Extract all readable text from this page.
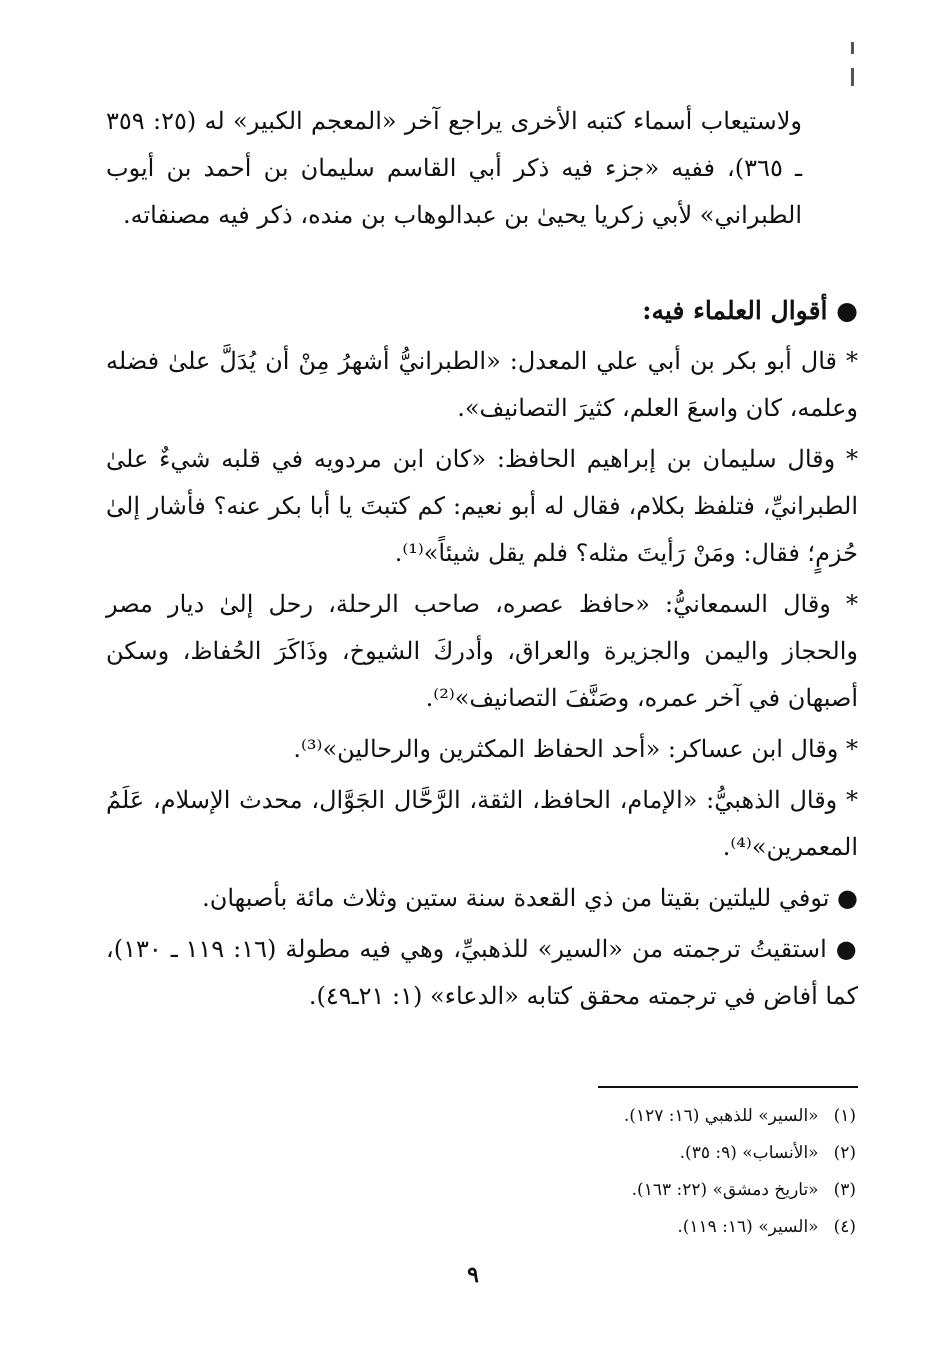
ولاستيعاب أسماء كتبه الأخرى يراجع آخر «المعجم الكبير» له (٢٥: ٣٥٩ ـ ٣٦٥)، ففيه «جزء فيه ذكر أبي القاسم سليمان بن أحمد بن أيوب الطبراني» لأبي زكريا يحيىٰ بن عبدالوهاب بن منده، ذكر فيه مصنفاته.

● أقوال العلماء فيه:

* قال أبو بكر بن أبي علي المعدل: «الطبرانيُّ أشهرُ مِنْ أن يُدَلَّ علىٰ فضله وعلمه، كان واسعَ العلم، كثيرَ التصانيف».

* وقال سليمان بن إبراهيم الحافظ: «كان ابن مردويه في قلبه شيءٌ علىٰ الطبرانيِّ، فتلفظ بكلام، فقال له أبو نعيم: كم كتبتَ يا أبا بكر عنه؟ فأشار إلىٰ حُزمٍ؛ فقال: ومَنْ رَأيتَ مثله؟ فلم يقل شيئاً»⁽¹⁾.

* وقال السمعانيُّ: «حافظ عصره، صاحب الرحلة، رحل إلىٰ ديار مصر والحجاز واليمن والجزيرة والعراق، وأدركَ الشيوخ، وذَاكَرَ الحُفاظ، وسكن أصبهان في آخر عمره، وصَنَّفَ التصانيف»⁽²⁾.

* وقال ابن عساكر: «أحد الحفاظ المكثرين والرحالين»⁽³⁾.

* وقال الذهبيُّ: «الإمام، الحافظ، الثقة، الرَّحَّال الجَوَّال، محدث الإسلام، عَلَمُ المعمرين»⁽⁴⁾.

● توفي لليلتين بقيتا من ذي القعدة سنة ستين وثلاث مائة بأصبهان.

● استقيتُ ترجمته من «السير» للذهبيِّ، وهي فيه مطولة (١٦: ١١٩ ـ ١٣٠)، كما أفاض في ترجمته محقق كتابه «الدعاء» (١: ٢١ـ٤٩).

(١) «السير» للذهبي (١٦: ١٢٧).

(٢) «الأنساب» (٩: ٣٥).

(٣) «تاريخ دمشق» (٢٢: ١٦٣).

(٤) «السير» (١٦: ١١٩).

٩
